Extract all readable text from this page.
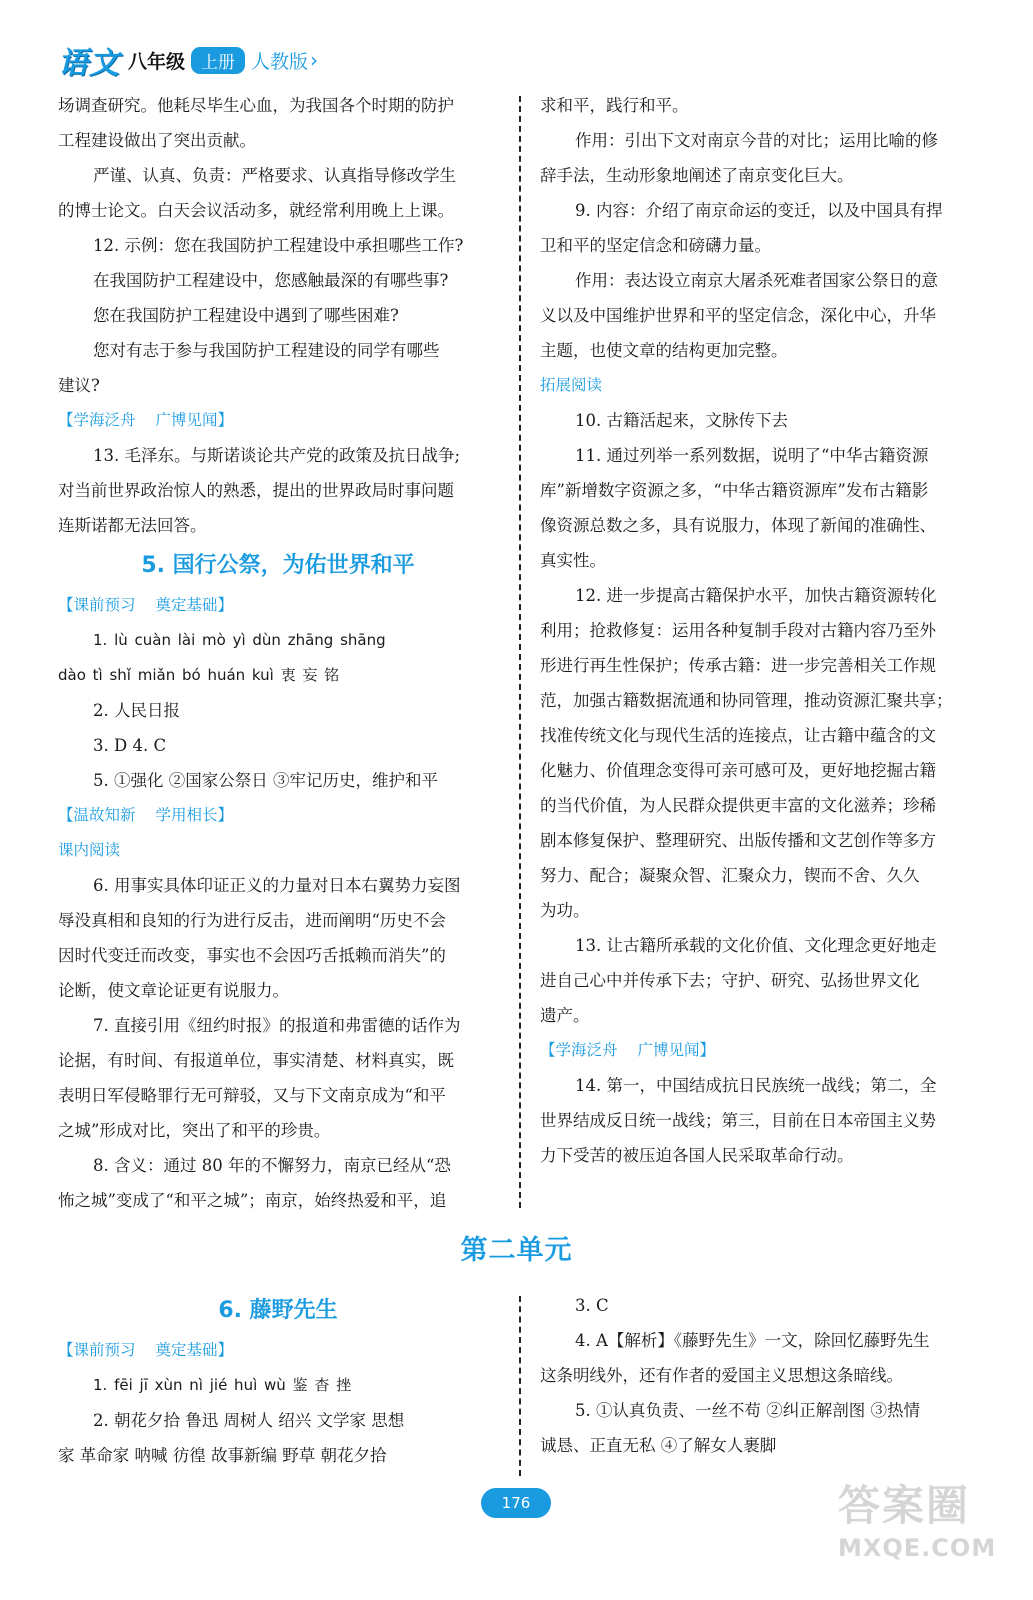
语文 八年级 上册 人教版 ›

场调查研究。他耗尽毕生心血，为我国各个时期的防护

工程建设做出了突出贡献。

严谨、认真、负责：严格要求、认真指导修改学生

的博士论文。白天会议活动多，就经常利用晚上上课。

12. 示例：您在我国防护工程建设中承担哪些工作?

在我国防护工程建设中，您感触最深的有哪些事?

您在我国防护工程建设中遇到了哪些困难?

您对有志于参与我国防护工程建设的同学有哪些

建议?

【学海泛舟 广博见闻】

13. 毛泽东。与斯诺谈论共产党的政策及抗日战争;

对当前世界政治惊人的熟悉，提出的世界政局时事问题

连斯诺都无法回答。

5. 国行公祭，为佑世界和平
【课前预习 奠定基础】

1. lù cuàn lài mò yì dùn zhāng shāng

dào tì shǐ miǎn bó huán kuì 衷 妄 铭

2. 人民日报

3. D 4. C

5. ①强化 ②国家公祭日 ③牢记历史，维护和平

【温故知新 学用相长】
课内阅读

6. 用事实具体印证正义的力量对日本右翼势力妄图

辱没真相和良知的行为进行反击，进而阐明“历史不会

因时代变迁而改变，事实也不会因巧舌抵赖而消失”的

论断，使文章论证更有说服力。

7. 直接引用《纽约时报》的报道和弗雷德的话作为

论据，有时间、有报道单位，事实清楚、材料真实，既

表明日军侵略罪行无可辩驳，又与下文南京成为“和平

之城”形成对比，突出了和平的珍贵。

8. 含义：通过 80 年的不懈努力，南京已经从“恐

怖之城”变成了“和平之城”；南京，始终热爱和平，追

求和平，践行和平。

作用：引出下文对南京今昔的对比；运用比喻的修

辞手法，生动形象地阐述了南京变化巨大。

9. 内容：介绍了南京命运的变迁，以及中国具有捍

卫和平的坚定信念和磅礴力量。

作用：表达设立南京大屠杀死难者国家公祭日的意

义以及中国维护世界和平的坚定信念，深化中心，升华

主题，也使文章的结构更加完整。

拓展阅读

10. 古籍活起来，文脉传下去

11. 通过列举一系列数据，说明了“中华古籍资源

库”新增数字资源之多，“中华古籍资源库”发布古籍影

像资源总数之多，具有说服力，体现了新闻的准确性、

真实性。

12. 进一步提高古籍保护水平，加快古籍资源转化

利用；抢救修复：运用各种复制手段对古籍内容乃至外

形进行再生性保护；传承古籍：进一步完善相关工作规

范，加强古籍数据流通和协同管理，推动资源汇聚共享；

找准传统文化与现代生活的连接点，让古籍中蕴含的文

化魅力、价值理念变得可亲可感可及，更好地挖掘古籍

的当代价值，为人民群众提供更丰富的文化滋养；珍稀

剧本修复保护、整理研究、出版传播和文艺创作等多方

努力、配合；凝聚众智、汇聚众力，锲而不舍、久久

为功。

13. 让古籍所承载的文化价值、文化理念更好地走

进自己心中并传承下去；守护、研究、弘扬世界文化

遗产。

【学海泛舟 广博见闻】

14. 第一，中国结成抗日民族统一战线；第二，全

世界结成反日统一战线；第三，目前在日本帝国主义势

力下受苦的被压迫各国人民采取革命行动。

第二单元
6. 藤野先生
【课前预习 奠定基础】

1. fēi jī xùn nì jié huì wù 鉴 杳 挫

2. 朝花夕拾 鲁迅 周树人 绍兴 文学家 思想

家 革命家 呐喊 彷徨 故事新编 野草 朝花夕拾

3. C

4. A【解析】《藤野先生》一文，除回忆藤野先生

这条明线外，还有作者的爱国主义思想这条暗线。

5. ①认真负责、一丝不苟 ②纠正解剖图 ③热情

诚恳、正直无私 ④了解女人裹脚

176	答案圈
MXQE.COM
